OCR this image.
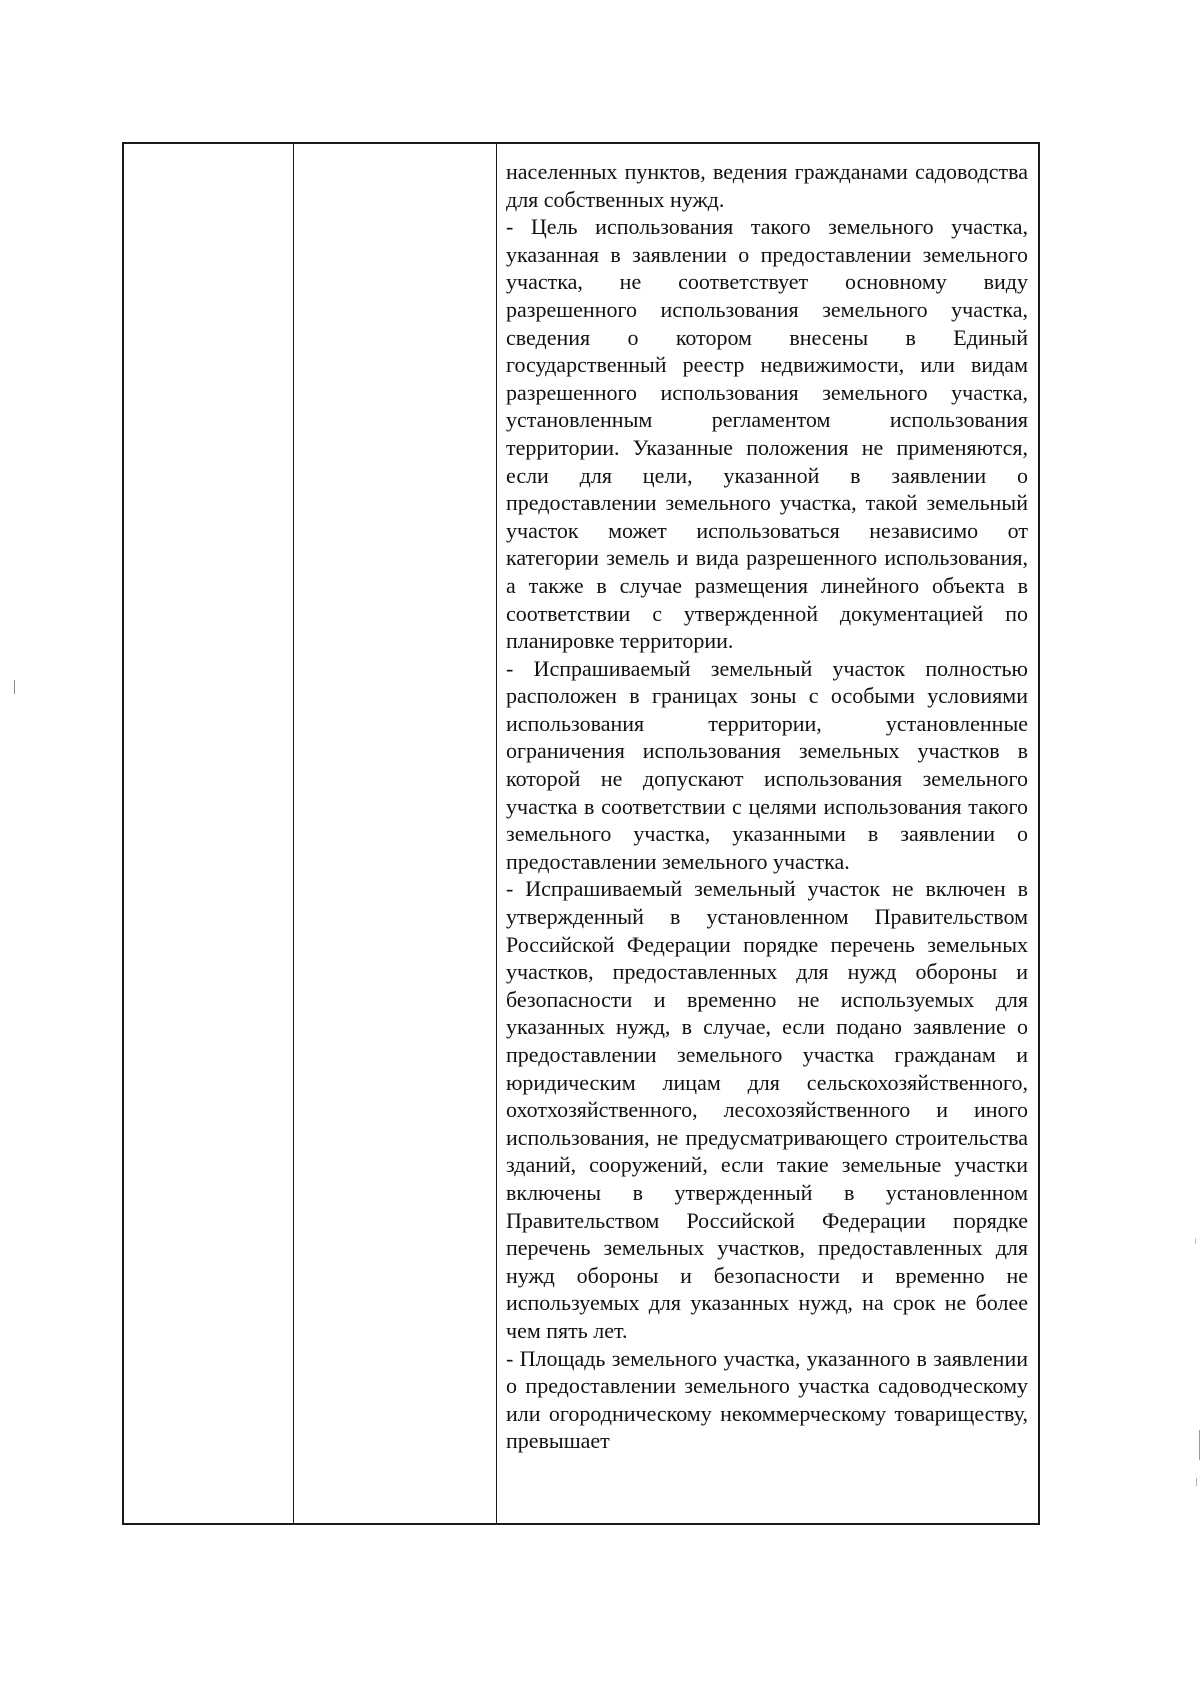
населенных пунктов, ведения гражданами садоводства для собственных нужд.

- Цель использования такого земельного участка, указанная в заявлении о предоставлении земельного участка, не соответствует основному виду разрешенного использования земельного участка, сведения о котором внесены в Единый государственный реестр недвижимости, или видам разрешенного использования земельного участка, установленным регламентом использования территории. Указанные положения не применяются, если для цели, указанной в заявлении о предоставлении земельного участка, такой земельный участок может использоваться независимо от категории земель и вида разрешенного использования, а также в случае размещения линейного объекта в соответствии с утвержденной документацией по планировке территории.

- Испрашиваемый земельный участок полностью расположен в границах зоны с особыми условиями использования территории, установленные ограничения использования земельных участков в которой не допускают использования земельного участка в соответствии с целями использования такого земельного участка, указанными в заявлении о предоставлении земельного участка.

- Испрашиваемый земельный участок не включен в утвержденный в установленном Правительством Российской Федерации порядке перечень земельных участков, предоставленных для нужд обороны и безопасности и временно не используемых для указанных нужд, в случае, если подано заявление о предоставлении земельного участка гражданам и юридическим лицам для сельскохозяйственного, охотхозяйственного, лесохозяйственного и иного использования, не предусматривающего строительства зданий, сооружений, если такие земельные участки включены в утвержденный в установленном Правительством Российской Федерации порядке перечень земельных участков, предоставленных для нужд обороны и безопасности и временно не используемых для указанных нужд, на срок не более чем пять лет.

- Площадь земельного участка, указанного в заявлении о предоставлении земельного участка садоводческому или огородническому некоммерческому товариществу, превышает
